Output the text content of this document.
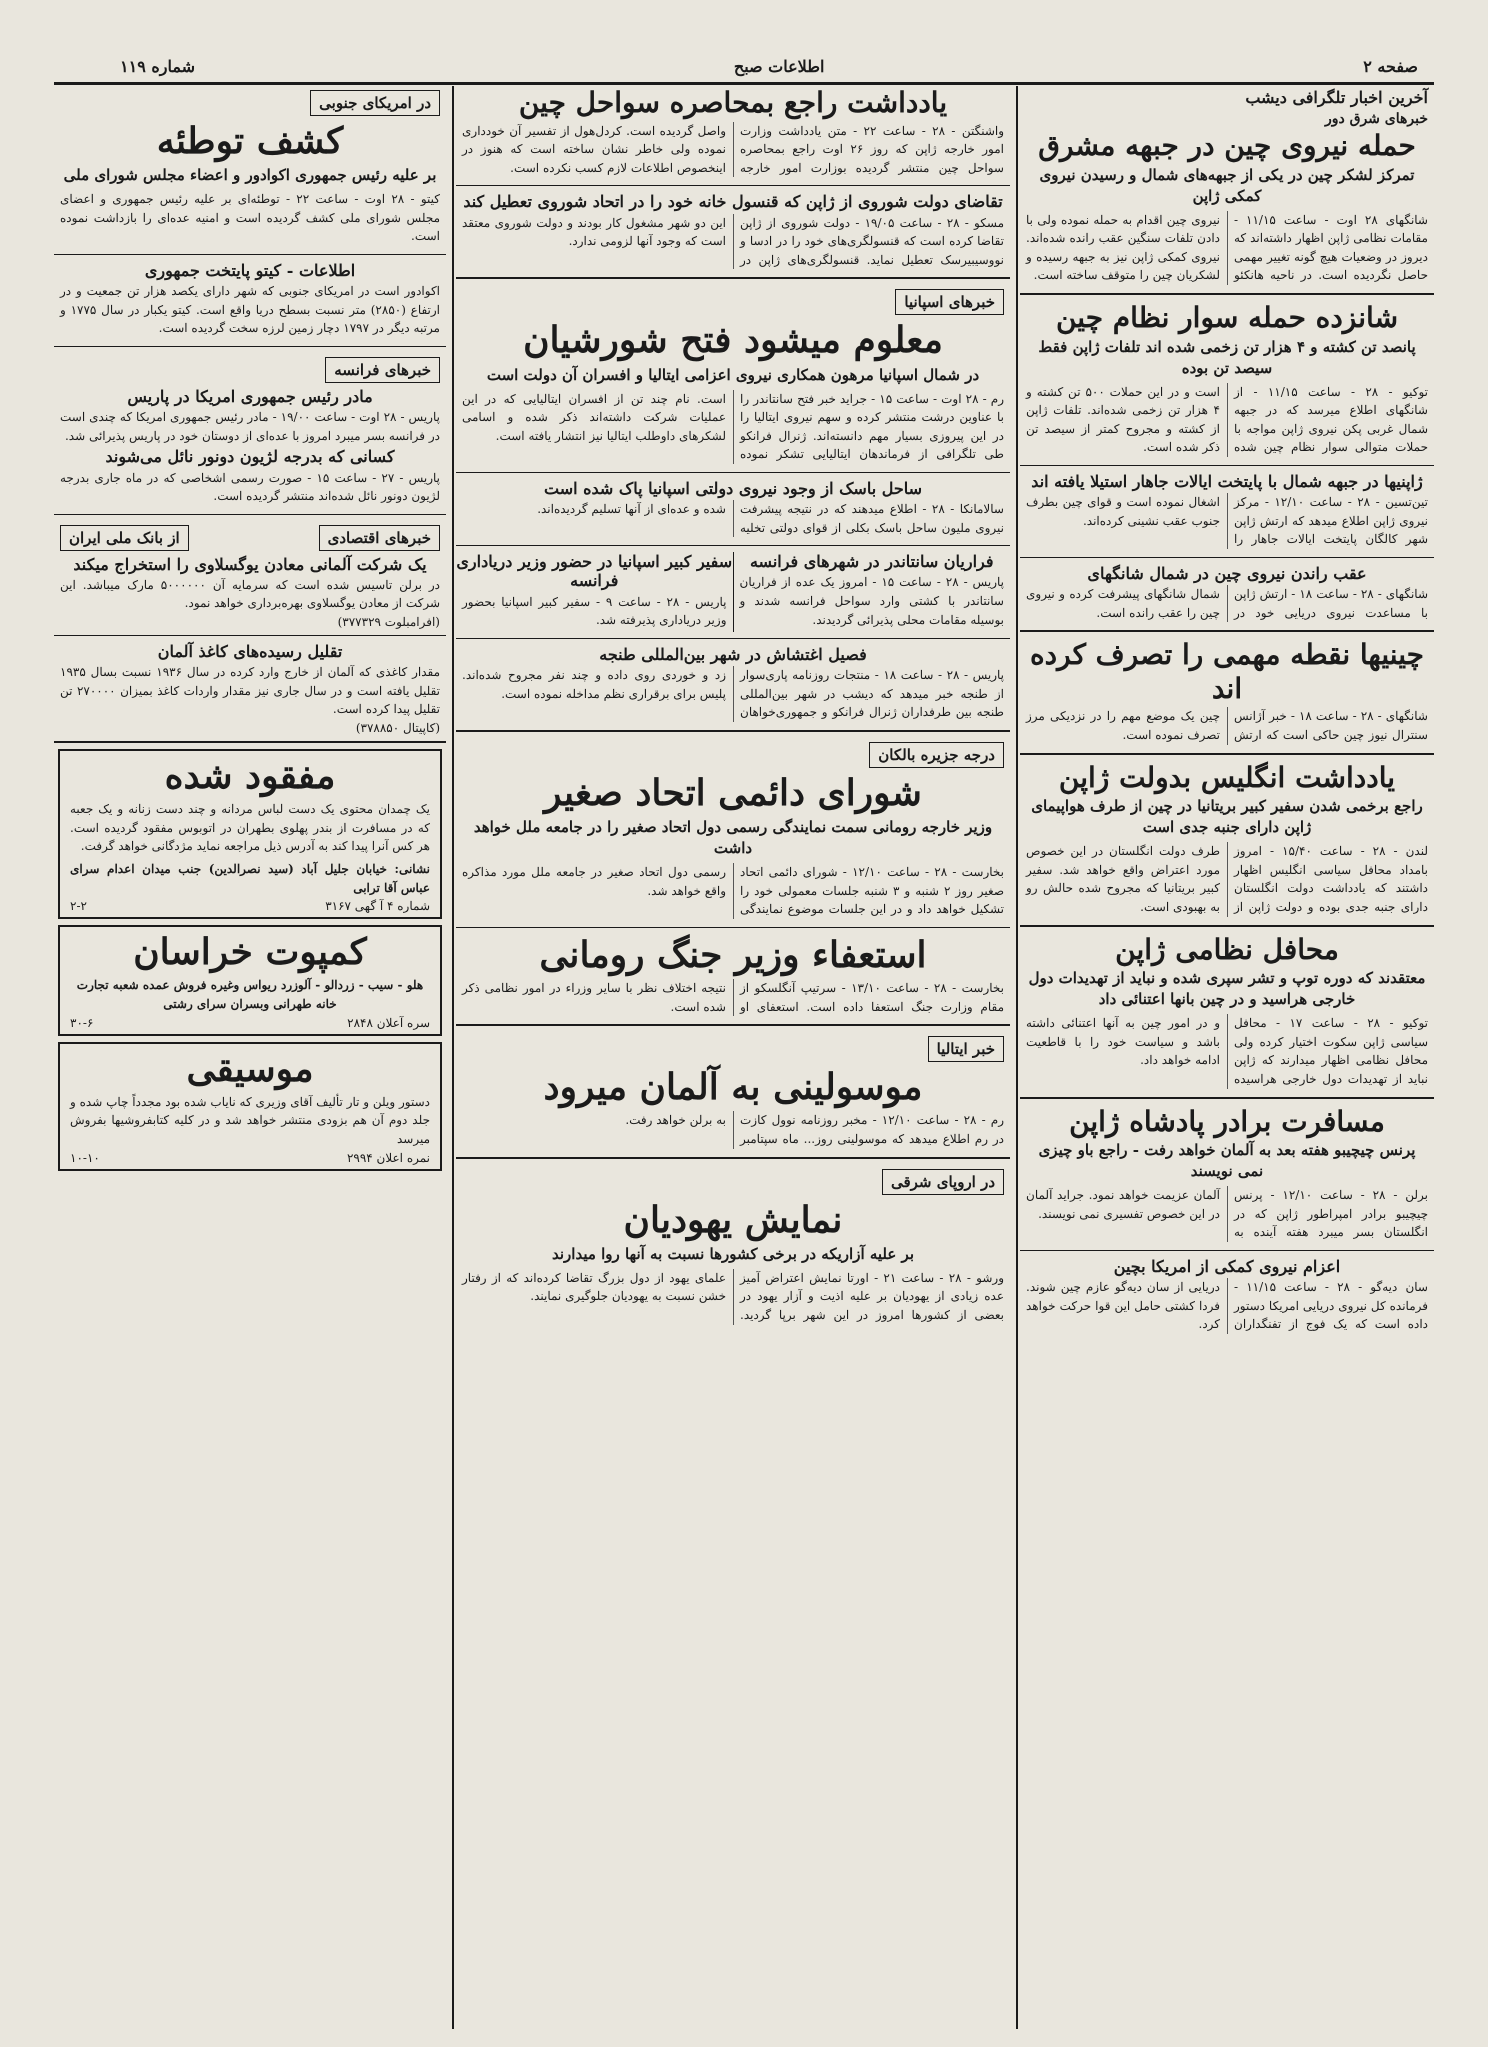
صفحه ۲
اطلاعات صبح
شماره ۱۱۹
آخرین اخبار تلگرافی دیشب
خبرهای شرق دور
حمله نیروی چین در جبهه مشرق
تمرکز لشکر چین در یکی از جبهه‌های شمال و رسیدن نیروی کمکی ژاپن
شانگهای ۲۸ اوت - ساعت ۱۱/۱۵ - مقامات نظامی ژاپن اظهار داشته‌اند که دیروز در وضعیات هیچ گونه تغییر مهمی حاصل نگردیده است. در ناحیه هانکئو نیروی چین اقدام به حمله نموده ولی با دادن تلفات سنگین عقب رانده شده‌اند. نیروی کمکی ژاپن نیز به جبهه رسیده و لشکریان چین را متوقف ساخته است.
شانزده حمله سوار نظام چین
پانصد تن کشته و ۴ هزار تن زخمی شده اند تلفات ژاپن فقط سیصد تن بوده
توکیو - ۲۸ - ساعت ۱۱/۱۵ - از شانگهای اطلاع میرسد که در جبهه شمال غربی پکن نیروی ژاپن مواجه با حملات متوالی سوار نظام چین شده است و در این حملات ۵۰۰ تن کشته و ۴ هزار تن زخمی شده‌اند. تلفات ژاپن از کشته و مجروح کمتر از سیصد تن ذکر شده است.
ژاپنیها در جبهه شمال با پایتخت ایالات جاهار استیلا یافته اند
تین‌تسین - ۲۸ - ساعت ۱۲/۱۰ - مرکز نیروی ژاپن اطلاع میدهد که ارتش ژاپن شهر کالگان پایتخت ایالات جاهار را اشغال نموده است و قوای چین بطرف جنوب عقب نشینی کرده‌اند.
عقب راندن نیروی چین در شمال شانگهای
شانگهای - ۲۸ - ساعت ۱۸ - ارتش ژاپن با مساعدت نیروی دریایی خود در شمال شانگهای پیشرفت کرده و نیروی چین را عقب رانده است.
چینیها نقطه مهمی را تصرف کرده اند
شانگهای - ۲۸ - ساعت ۱۸ - خبر آژانس سنترال نیوز چین حاکی است که ارتش چین یک موضع مهم را در نزدیکی مرز تصرف نموده است.
یادداشت انگلیس بدولت ژاپن
راجع برخمی شدن سفیر کبیر بریتانیا در چین از طرف هواپیمای ژاپن دارای جنبه جدی است
لندن - ۲۸ - ساعت ۱۵/۴۰ - امروز بامداد محافل سیاسی انگلیس اظهار داشتند که یادداشت دولت انگلستان دارای جنبه جدی بوده و دولت ژاپن از طرف دولت انگلستان در این خصوص مورد اعتراض واقع خواهد شد. سفیر کبیر بریتانیا که مجروح شده حالش رو به بهبودی است.
محافل نظامی ژاپن
معتقدند که دوره توپ و تشر سپری شده و نباید از تهدیدات دول خارجی هراسید و در چین بانها اعتنائی داد
توکیو - ۲۸ - ساعت ۱۷ - محافل سیاسی ژاپن سکوت اختیار کرده ولی محافل نظامی اظهار میدارند که ژاپن نباید از تهدیدات دول خارجی هراسیده و در امور چین به آنها اعتنائی داشته باشد و سیاست خود را با قاطعیت ادامه خواهد داد.
مسافرت برادر پادشاه ژاپن
پرنس چیچیبو هفته بعد به آلمان خواهد رفت - راجع باو چیزی نمی نویسند
برلن - ۲۸ - ساعت ۱۲/۱۰ - پرنس چیچیبو برادر امپراطور ژاپن که در انگلستان بسر میبرد هفته آینده به آلمان عزیمت خواهد نمود. جراید آلمان در این خصوص تفسیری نمی نویسند.
اعزام نیروی کمکی از امریکا بچین
سان دیه‌گو - ۲۸ - ساعت ۱۱/۱۵ - فرمانده کل نیروی دریایی امریکا دستور داده است که یک فوج از تفنگداران دریایی از سان دیه‌گو عازم چین شوند. فردا کشتی حامل این قوا حرکت خواهد کرد.
یادداشت راجع بمحاصره سواحل چین
واشنگتن - ۲۸ - ساعت ۲۲ - متن یادداشت وزارت امور خارجه ژاپن که روز ۲۶ اوت راجع بمحاصره سواحل چین منتشر گردیده بوزارت امور خارجه واصل گردیده است. کردل‌هول از تفسیر آن خودداری نموده ولی خاطر نشان ساخته است که هنوز در اینخصوص اطلاعات لازم کسب نکرده است.
تقاضای دولت شوروی از ژاپن که قنسول خانه خود را در اتحاد شوروی تعطیل کند
مسکو - ۲۸ - ساعت ۱۹/۰۵ - دولت شوروی از ژاپن تقاضا کرده است که قنسولگری‌های خود را در ادسا و نووسیبیرسک تعطیل نماید. قنسولگری‌های ژاپن در این دو شهر مشغول کار بودند و دولت شوروی معتقد است که وجود آنها لزومی ندارد.
خبرهای اسپانیا
معلوم میشود فتح شورشیان
در شمال اسپانیا مرهون همکاری نیروی اعزامی ایتالیا و افسران آن دولت است
رم - ۲۸ اوت - ساعت ۱۵ - جراید خبر فتح سانتاندر را با عناوین درشت منتشر کرده و سهم نیروی ایتالیا را در این پیروزی بسیار مهم دانسته‌اند. ژنرال فرانکو طی تلگرافی از فرماندهان ایتالیایی تشکر نموده است. نام چند تن از افسران ایتالیایی که در این عملیات شرکت داشته‌اند ذکر شده و اسامی لشکرهای داوطلب ایتالیا نیز انتشار یافته است.
ساحل باسک از وجود نیروی دولتی اسپانیا پاک شده است
سالامانکا - ۲۸ - اطلاع میدهند که در نتیجه پیشرفت نیروی ملیون ساحل باسک بکلی از قوای دولتی تخلیه شده و عده‌ای از آنها تسلیم گردیده‌اند.
فراریان سانتاندر در شهرهای فرانسه
پاریس - ۲۸ - ساعت ۱۵ - امروز یک عده از فراریان سانتاندر با کشتی وارد سواحل فرانسه شدند و بوسیله مقامات محلی پذیرائی گردیدند.
سفیر کبیر اسپانیا در حضور وزیر دریاداری فرانسه
پاریس - ۲۸ - ساعت ۹ - سفیر کبیر اسپانیا بحضور وزیر دریاداری پذیرفته شد.
فصیل اغتشاش در شهر بین‌المللی طنجه
پاریس - ۲۸ - ساعت ۱۸ - منتجات روزنامه پاری‌سوار از طنجه خبر میدهد که دیشب در شهر بین‌المللی طنجه بین طرفداران ژنرال فرانکو و جمهوری‌خواهان زد و خوردی روی داده و چند نفر مجروح شده‌اند. پلیس برای برقراری نظم مداخله نموده است.
درجه جزیره بالکان
شورای دائمی اتحاد صغیر
وزیر خارجه رومانی سمت نمایندگی رسمی دول اتحاد صغیر را در جامعه ملل خواهد داشت
بخارست - ۲۸ - ساعت ۱۲/۱۰ - شورای دائمی اتحاد صغیر روز ۲ شنبه و ۳ شنبه جلسات معمولی خود را تشکیل خواهد داد و در این جلسات موضوع نمایندگی رسمی دول اتحاد صغیر در جامعه ملل مورد مذاکره واقع خواهد شد.
استعفاء وزیر جنگ رومانی
بخارست - ۲۸ - ساعت ۱۳/۱۰ - سرتیپ آنگلسکو از مقام وزارت جنگ استعفا داده است. استعفای او نتیجه اختلاف نظر با سایر وزراء در امور نظامی ذکر شده است.
خبر ایتالیا
موسولینی به آلمان میرود
رم - ۲۸ - ساعت ۱۲/۱۰ - مخبر روزنامه نوول کازت در رم اطلاع میدهد که موسولینی روز... ماه سپتامبر به برلن خواهد رفت.
در اروپای شرقی
نمایش یهودیان
بر علیه آزاریکه در برخی کشورها نسبت به آنها روا میدارند
ورشو - ۲۸ - ساعت ۲۱ - اورتا نمایش اعتراض آمیز عده زیادی از یهودیان بر علیه اذیت و آزار یهود در بعضی از کشورها امروز در این شهر برپا گردید. علمای یهود از دول بزرگ تقاضا کرده‌اند که از رفتار خشن نسبت به یهودیان جلوگیری نمایند.
در امریکای جنوبی
کشف توطئه
بر علیه رئیس جمهوری اکوادور و اعضاء مجلس شورای ملی
کیتو - ۲۸ اوت - ساعت ۲۲ - توطئه‌ای بر علیه رئیس جمهوری و اعضای مجلس شورای ملی کشف گردیده است و امنیه عده‌ای را بازداشت نموده است.
اطلاعات - کیتو پایتخت جمهوری
اکوادور است در امریکای جنوبی که شهر دارای یکصد هزار تن جمعیت و در ارتفاع (۲۸۵۰) متر نسبت بسطح دریا واقع است. کیتو یکبار در سال ۱۷۷۵ و مرتبه دیگر در ۱۷۹۷ دچار زمین لرزه سخت گردیده است.
خبرهای فرانسه
مادر رئیس جمهوری امریکا در پاریس
پاریس - ۲۸ اوت - ساعت ۱۹/۰۰ - مادر رئیس جمهوری امریکا که چندی است در فرانسه بسر میبرد امروز با عده‌ای از دوستان خود در پاریس پذیرائی شد.
کسانی که بدرجه لژیون دونور نائل می‌شوند
پاریس - ۲۷ - ساعت ۱۵ - صورت رسمی اشخاصی که در ماه جاری بدرجه لژیون دونور نائل شده‌اند منتشر گردیده است.
خبرهای اقتصادی
از بانک ملی ایران
یک شرکت آلمانی معادن یوگسلاوی را استخراج میکند
در برلن تاسیس شده است که سرمایه آن ۵۰۰۰۰۰۰ مارک میباشد. این شرکت از معادن یوگسلاوی بهره‌برداری خواهد نمود.
(افرامبلوت ۳۷۷۳۲۹)
تقلیل رسیده‌های کاغذ آلمان
مقدار کاغذی که آلمان از خارج وارد کرده در سال ۱۹۳۶ نسبت بسال ۱۹۳۵ تقلیل یافته است و در سال جاری نیز مقدار واردات کاغذ بمیزان ۲۷۰۰۰۰ تن تقلیل پیدا کرده است.
(کاپیتال ۳۷۸۸۵۰)
مفقود شده
یک چمدان محتوی یک دست لباس مردانه و چند دست زنانه و یک جعبه که در مسافرت از بندر پهلوی بطهران در اتوبوس مفقود گردیده است. هر کس آنرا پیدا کند به آدرس ذیل مراجعه نماید مژدگانی خواهد گرفت.
نشانی: خیابان جلیل آباد (سید نصرالدین) جنب میدان اعدام سرای عباس آقا ترابی
شماره ۴ آ گهی ۳۱۶۷
۲-۲
کمپوت خراسان
هلو - سیب - زردالو - آلوزرد ریواس وغیره فروش عمده شعبه تجارت خانه طهرانی وبسران سرای رشتی
سره آعلان ۲۸۴۸
۳۰-۶
موسیقی
دستور ویلن و تار تألیف آقای وزیری که نایاب شده بود مجدداً چاپ شده و جلد دوم آن هم بزودی منتشر خواهد شد و در کلیه کتابفروشیها بفروش میرسد
نمره اعلان ۲۹۹۴
۱۰-۱۰
